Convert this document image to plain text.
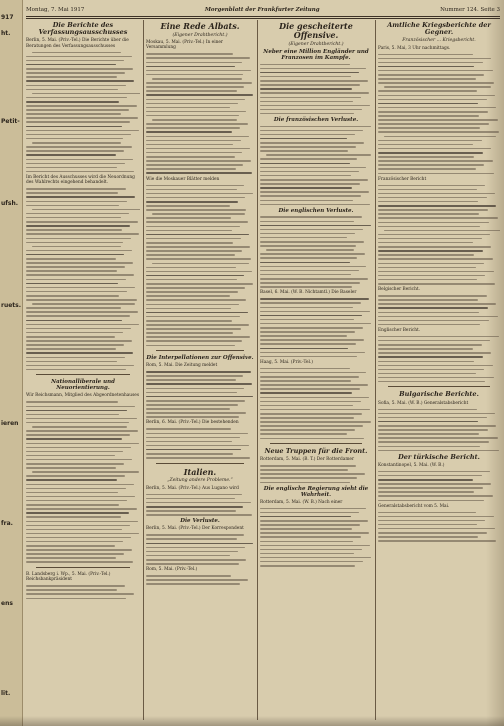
917
ht.
Petit-
ufsh.
ruets.
ieren
fra.
ens
lit.
Montag, 7. Mai 1917	Morgenblatt der Frankfurter Zeitung	Nummer 124. Seite 3
Die Berichte des Verfassungsausschusses
Berlin, 5. Mai. (Priv.-Tel.) Die Berichte über die Beratungen des Verfassungsausschusses
Im Bericht des Ausschusses wird die Neuordnung des Wahlrechts eingehend behandelt.
Nationalliberale und Neuorientierung.
Wir Reichsmann, Mitglied des Abgeordnetenhauses
B. Landsberg i. Wp., 5. Mai. (Priv.-Tel.) Reichsbankpräsident
Eine Rede Albats.
(Eigener Drahtbericht.)
Moskau, 5. Mai. (Priv.-Tel.) In einer Versammlung
Wie die Moskauer Blätter melden
Die Interpellationen zur Offensive.
Rom, 5. Mai. Die Zeitung meldet
Berlin, 6. Mai. (Priv.-Tel.) Die bestehenden
Italien.
„Zeitung andere Probleme.“
Berlin, 5. Mai. (Priv.-Tel.) Aus Lugano wird
Die Verluste.
Berlin, 5. Mai. (Priv.-Tel.) Der Korrespondent
Rom, 5. Mai. (Priv.-Tel.)
Die gescheiterte Offensive.
(Eigener Drahtbericht.)
Neber eine Million Engländer und Franzosen im Kampfe.
Die französischen Verluste.
Die englischen Verluste.
Basel, 6. Mai. (W. B. Nichtamtl.) Die Baseler
Haag, 5. Mai. (Priv.-Tel.)
Neue Truppen für die Front.
Rotterdam, 5. Mai. (B. T.) Der Rotterdamer
Die englische Regierung sieht die Wahrheit.
Rotterdam, 5. Mai. (W. B.) Nach einer
Amtliche Kriegsberichte der Gegner.
Französischer ... Kriegsbericht.
Paris, 5. Mai, 3 Uhr nachmittags.
Französischer Bericht
Belgischer Bericht.
Englischer Bericht.
Bulgarische Berichte.
Sofia, 5. Mai. (W. B.) Generalstabsbericht
Der türkische Bericht.
Konstantinopel, 5. Mai. (W. B.)
Generalstabsbericht vom 5. Mai.
